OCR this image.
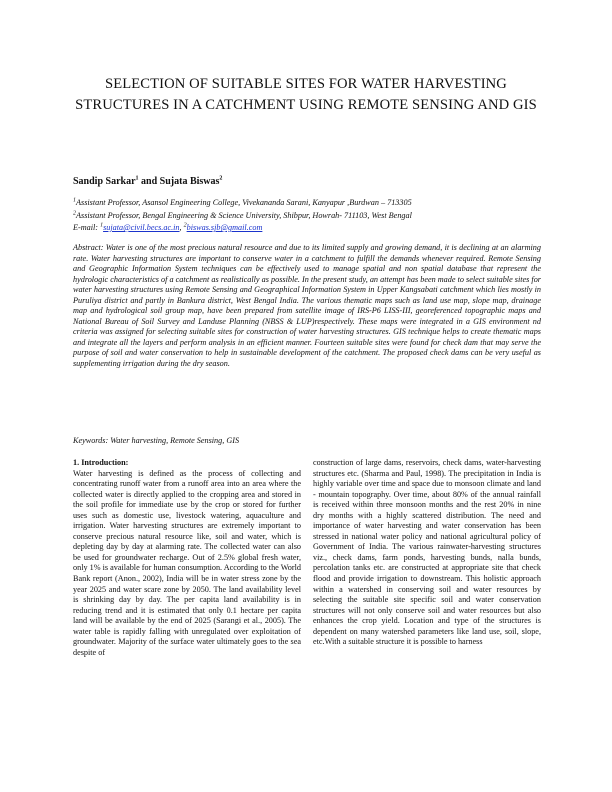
SELECTION OF SUITABLE SITES FOR WATER HARVESTING STRUCTURES IN A CATCHMENT USING REMOTE SENSING AND GIS
Sandip Sarkar$^1$ and Sujata Biswas$^2$
$^1$Assistant Professor, Asansol Engineering College, Vivekananda Sarani, Kanyapur ,Burdwan – 713305
$^2$Assistant Professor, Bengal Engineering & Science University, Shibpur, Howrah- 711103, West Bengal
E-mail: $^1$sujata@civil.becs.ac.in, $^2$biswas.sjb@gmail.com

Abstract: Water is one of the most precious natural resource and due to its limited supply and growing demand, it is declining at an alarming rate. Water harvesting structures are important to conserve water in a catchment to fulfill the demands whenever required. Remote Sensing and Geographic Information System techniques can be effectively used to manage spatial and non spatial database that represent the hydrologic characteristics of a catchment as realistically as possible. In the present study, an attempt has been made to select suitable sites for water harvesting structures using Remote Sensing and Geographical Information System in Upper Kangsabati catchment which lies mostly in Puruliya district and partly in Bankura district, West Bengal India. The various thematic maps such as land use map, slope map, drainage map and hydrological soil group map, have been prepared from satellite image of IRS-P6 LISS-III, georeferenced topographic maps and National Bureau of Soil Survey and Landuse Planning (NBSS & LUP)respectively. These maps were integrated in a GIS environment nd criteria was assigned for selecting suitable sites for construction of water harvesting structures. GIS technique helps to create thematic maps and integrate all the layers and perform analysis in an efficient manner. Fourteen suitable sites were found for check dam that may serve the purpose of soil and water conservation to help in sustainable development of the catchment. The proposed check dams can be very useful as supplementing irrigation during the dry season.

Keywords: Water harvesting, Remote Sensing, GIS

1. Introduction:

Water harvesting is defined as the process of collecting and concentrating runoff water from a runoff area into an area where the collected water is directly applied to the cropping area and stored in the soil profile for immediate use by the crop or stored for further uses such as domestic use, livestock watering, aquaculture and irrigation. Water harvesting structures are extremely important to conserve precious natural resource like, soil and water, which is depleting day by day at alarming rate. The collected water can also be used for groundwater recharge. Out of 2.5% global fresh water, only 1% is available for human consumption. According to the World Bank report (Anon., 2002), India will be in water stress zone by the year 2025 and water scare zone by 2050. The land availability level is shrinking day by day. The per capita land availability is in reducing trend and it is estimated that only 0.1 hectare per capita land will be available by the end of 2025 (Sarangi et al., 2005). The water table is rapidly falling with unregulated over exploitation of groundwater. Majority of the surface water ultimately goes to the sea despite of

construction of large dams, reservoirs, check dams, water-harvesting structures etc. (Sharma and Paul, 1998). The precipitation in India is highly variable over time and space due to monsoon climate and land - mountain topography. Over time, about 80% of the annual rainfall is received within three monsoon months and the rest 20% in nine dry months with a highly scattered distribution. The need and importance of water harvesting and water conservation has been stressed in national water policy and national agricultural policy of Government of India. The various rainwater-harvesting structures viz., check dams, farm ponds, harvesting bunds, nalla bunds, percolation tanks etc. are constructed at appropriate site that check flood and provide irrigation to downstream. This holistic approach within a watershed in conserving soil and water resources by selecting the suitable site specific soil and water conservation structures will not only conserve soil and water resources but also enhances the crop yield. Location and type of the structures is dependent on many watershed parameters like land use, soil, slope, etc.With a suitable structure it is possible to harness
